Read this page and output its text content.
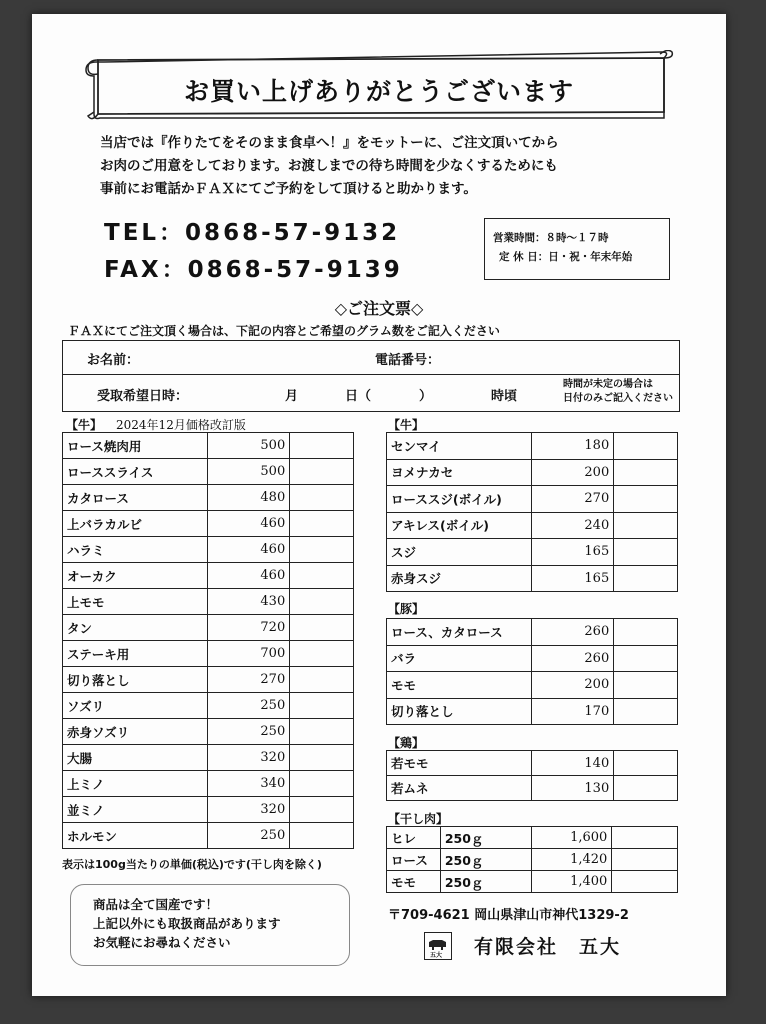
お買い上げありがとうございます
当店では『作りたてをそのまま食卓へ！』をモットーに、ご注文頂いてから
お肉のご用意をしております。お渡しまでの待ち時間を少なくするためにも
事前にお電話かＦＡＸにてご予約をして頂けると助かります。
TEL：0868-57-9132
FAX：0868-57-9139
営業時間：８時〜１７時
定 休 日：日・祝・年末年始
◇ご注文票◇
ＦＡＸにてご注文頂く場合は、下記の内容とご希望のグラム数をご記入ください
お名前：	電話番号：
受取希望日時：	月	日（	）	時頃
時間が未定の場合は
日付のみご記入ください
【牛】 2024年12月価格改訂版
ロース焼肉用	500	
ローススライス	500	
カタロース	480	
上バラカルビ	460	
ハラミ	460	
オーカク	460	
上モモ	430	
タン	720	
ステーキ用	700	
切り落とし	270	
ソズリ	250	
赤身ソズリ	250	
大腸	320	
上ミノ	340	
並ミノ	320	
ホルモン	250	
【牛】
センマイ	180	
ヨメナカセ	200	
ローススジ(ボイル)	270	
アキレス(ボイル)	240	
スジ	165	
赤身スジ	165	
【豚】
ロース、カタロース	260	
バラ	260	
モモ	200	
切り落とし	170	
【鶏】
若モモ	140	
若ムネ	130	
【干し肉】
ヒレ	250ｇ	1,600	
ロース	250ｇ	1,420	
モモ	250ｇ	1,400	
表示は100g当たりの単価(税込)です(干し肉を除く)
商品は全て国産です！
上記以外にも取扱商品があります
お気軽にお尋ねください
〒709-4621 岡山県津山市神代1329-2
五大 有限会社　五大
